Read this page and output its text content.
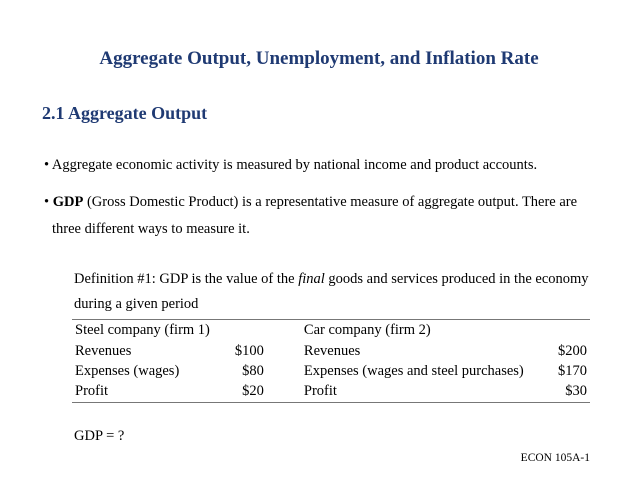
Aggregate Output, Unemployment, and Inflation Rate
2.1 Aggregate Output
• Aggregate economic activity is measured by national income and product accounts.
• GDP (Gross Domestic Product) is a representative measure of aggregate output. There are
three different ways to measure it.
Definition #1: GDP is the value of the final goods and services produced in the economy
during a given period
Steel company (firm 1)			Car company (firm 2)	
Revenues	$100		Revenues	$200
Expenses (wages)	$80		Expenses (wages and steel purchases)	$170
Profit	$20		Profit	$30
GDP = ?
ECON 105A-1
